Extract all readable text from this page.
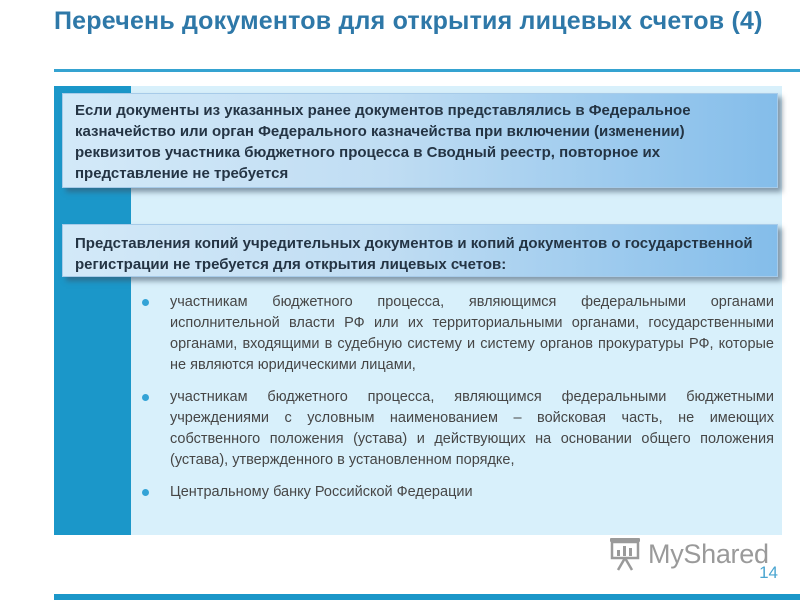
Перечень документов для открытия лицевых счетов (4)
Если документы из указанных ранее документов представлялись в Федеральное казначейство или орган Федерального казначейства при включении (изменении) реквизитов участника бюджетного процесса в Сводный реестр, повторное их представление не требуется
Представления копий учредительных документов и копий документов о государственной регистрации не требуется для открытия лицевых счетов:
участникам бюджетного процесса, являющимся федеральными органами исполнительной власти РФ или их территориальными органами, государственными органами, входящими в судебную систему и систему органов прокуратуры РФ, которые не являются юридическими лицами,
участникам бюджетного процесса, являющимся федеральными бюджетными учреждениями с условным наименованием – войсковая часть, не имеющих собственного положения (устава) и действующих на основании общего положения (устава), утвержденного в установленном порядке,
Центральному банку Российской Федерации
MyShared
14
